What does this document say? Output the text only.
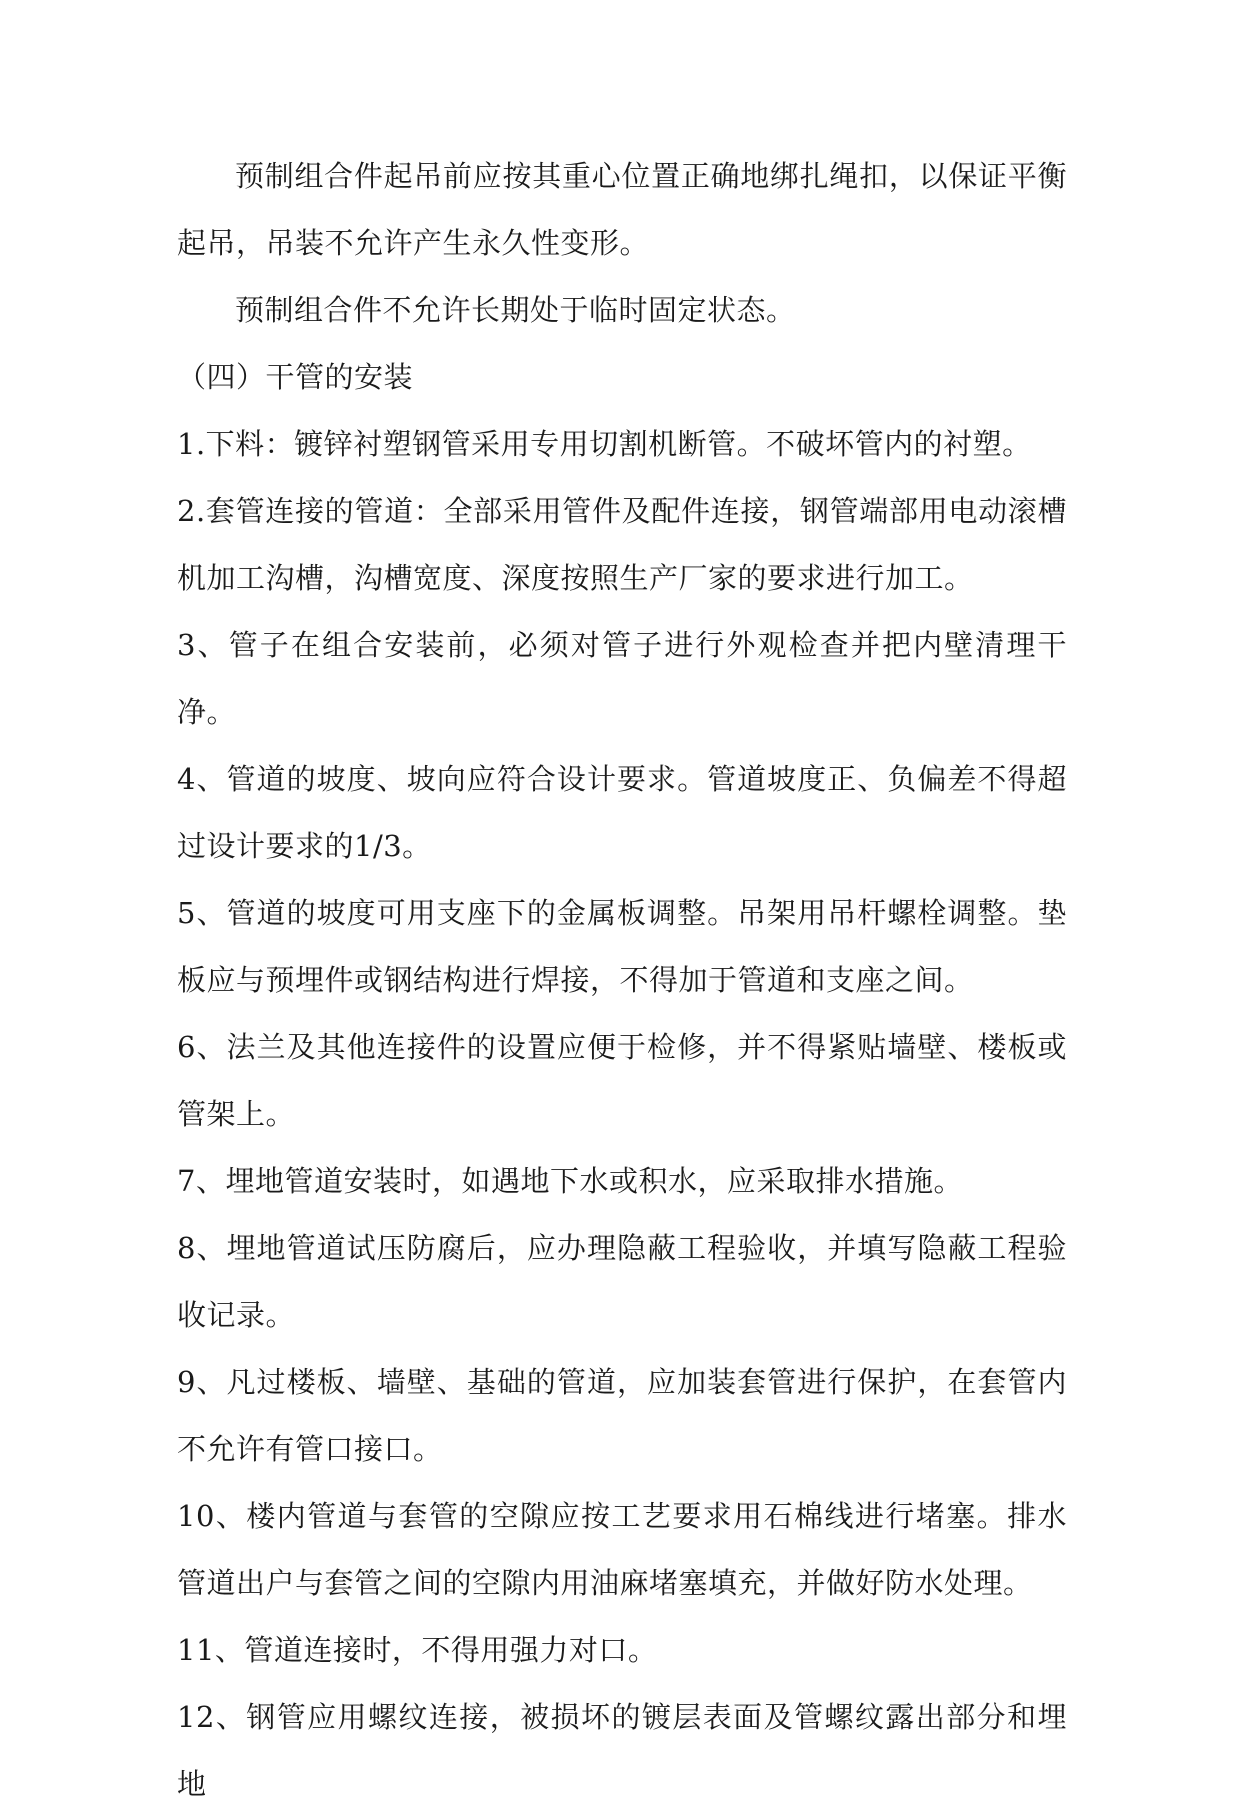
预制组合件起吊前应按其重心位置正确地绑扎绳扣，以保证平衡起吊，吊装不允许产生永久性变形。

预制组合件不允许长期处于临时固定状态。

（四）干管的安装

1.下料：镀锌衬塑钢管采用专用切割机断管。不破坏管内的衬塑。

2.套管连接的管道：全部采用管件及配件连接，钢管端部用电动滚槽机加工沟槽，沟槽宽度、深度按照生产厂家的要求进行加工。

3、管子在组合安装前，必须对管子进行外观检查并把内壁清理干净。

4、管道的坡度、坡向应符合设计要求。管道坡度正、负偏差不得超过设计要求的1/3。

5、管道的坡度可用支座下的金属板调整。吊架用吊杆螺栓调整。垫板应与预埋件或钢结构进行焊接，不得加于管道和支座之间。

6、法兰及其他连接件的设置应便于检修，并不得紧贴墙壁、楼板或管架上。

7、埋地管道安装时，如遇地下水或积水，应采取排水措施。

8、埋地管道试压防腐后，应办理隐蔽工程验收，并填写隐蔽工程验收记录。

9、凡过楼板、墙壁、基础的管道，应加装套管进行保护，在套管内不允许有管口接口。

10、楼内管道与套管的空隙应按工艺要求用石棉线进行堵塞。排水管道出户与套管之间的空隙内用油麻堵塞填充，并做好防水处理。

11、管道连接时，不得用强力对口。

12、钢管应用螺纹连接，被损坏的镀层表面及管螺纹露出部分和埋地
